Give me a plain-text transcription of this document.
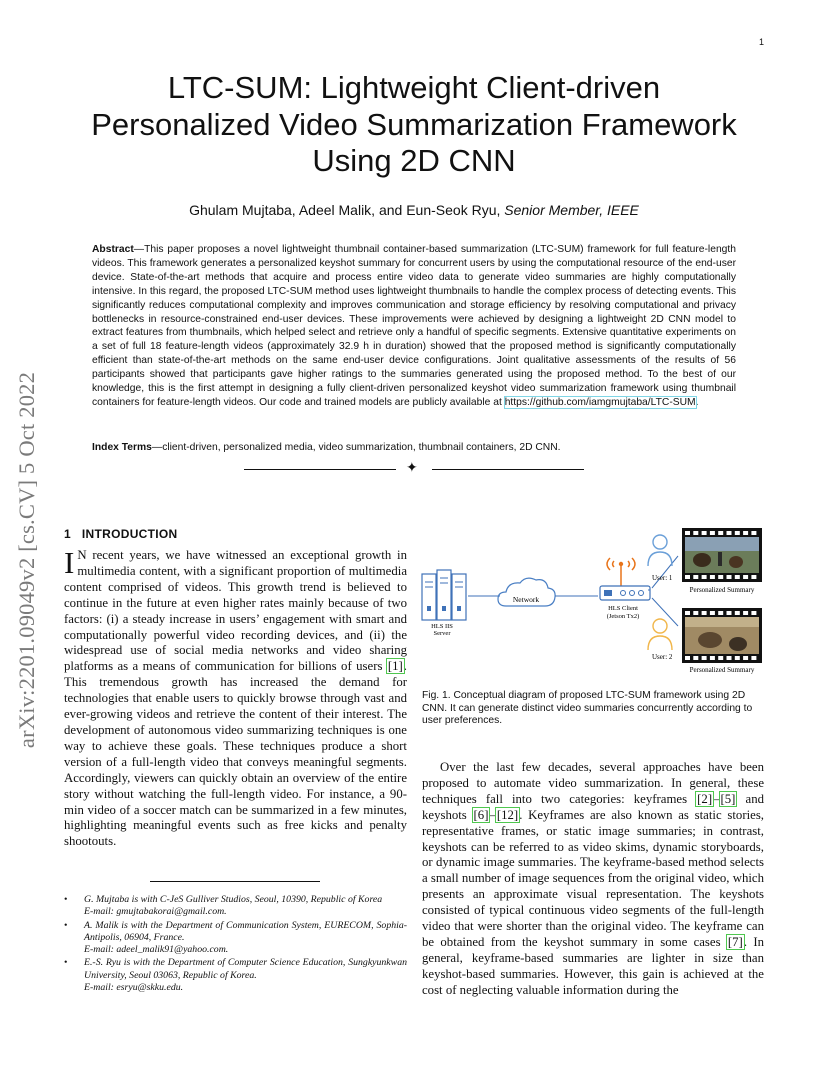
1
arXiv:2201.09049v2 [cs.CV] 5 Oct 2022
LTC-SUM: Lightweight Client-driven
Personalized Video Summarization Framework
Using 2D CNN
Ghulam Mujtaba, Adeel Malik, and Eun-Seok Ryu, Senior Member, IEEE
Abstract—This paper proposes a novel lightweight thumbnail container-based summarization (LTC-SUM) framework for full feature-length videos. This framework generates a personalized keyshot summary for concurrent users by using the computational resource of the end-user device. State-of-the-art methods that acquire and process entire video data to generate video summaries are highly computationally intensive. In this regard, the proposed LTC-SUM method uses lightweight thumbnails to handle the complex process of detecting events. This significantly reduces computational complexity and improves communication and storage efficiency by resolving computational and privacy bottlenecks in resource-constrained end-user devices. These improvements were achieved by designing a lightweight 2D CNN model to extract features from thumbnails, which helped select and retrieve only a handful of specific segments. Extensive quantitative experiments on a set of full 18 feature-length videos (approximately 32.9 h in duration) showed that the proposed method is significantly computationally efficient than state-of-the-art methods on the same end-user device configurations. Joint qualitative assessments of the results of 56 participants showed that participants gave higher ratings to the summaries generated using the proposed method. To the best of our knowledge, this is the first attempt in designing a fully client-driven personalized keyshot video summarization framework using thumbnail containers for feature-length videos. Our code and trained models are publicly available at https://github.com/iamgmujtaba/LTC-SUM.
Index Terms—client-driven, personalized media, video summarization, thumbnail containers, 2D CNN.
✦
1 INTRODUCTION
I N recent years, we have witnessed an exceptional growth in multimedia content, with a significant proportion of multimedia content comprised of videos. This growth trend is believed to continue in the future at even higher rates mainly because of two factors: (i) a steady increase in users’ engagement with smart and computationally powerful video recording devices, and (ii) the widespread use of social media networks and video sharing platforms as a means of communication for billions of users [1]. This tremendous growth has increased the demand for technologies that enable users to quickly browse through vast and ever-growing videos and retrieve the content of their interest. The development of autonomous video summarizing techniques is one way to achieve these goals. These techniques produce a short version of a full-length video that conveys meaningful segments. Accordingly, viewers can quickly obtain an overview of the entire story without watching the full-length video. For instance, a 90-min video of a soccer match can be summarized in a few minutes, highlighting meaningful events such as free kicks and penalty shootouts.
• G. Mujtaba is with C-JeS Gulliver Studios, Seoul, 10390, Republic of Korea
E-mail: gmujtabakorai@gmail.com.
• A. Malik is with the Department of Communication System, EURECOM, Sophia-Antipolis, 06904, France.
E-mail: adeel_malik91@yahoo.com.
• E.-S. Ryu is with the Department of Computer Science Education, Sungkyunkwan University, Seoul 03063, Republic of Korea.
E-mail: esryu@skku.edu.
HLS IIS
Server
Network
HLS Client
(Jetson Tx2)
User: 1
User: 2
Personalized Summary
Personalized Summary
Fig. 1. Conceptual diagram of proposed LTC-SUM framework using 2D CNN. It can generate distinct video summaries concurrently according to user preferences.
Over the last few decades, several approaches have been proposed to automate video summarization. In general, these techniques fall into two categories: keyframes [2]–[5] and keyshots [6]–[12]. Keyframes are also known as static stories, representative frames, or static image summaries; in contrast, keyshots can be referred to as video skims, dynamic storyboards, or dynamic image summaries. The keyframe-based method selects a small number of image sequences from the original video, which presents an approximate visual representation. The keyshots consisted of typical continuous video segments of the full-length video that were shorter than the original video. The keyframe can be obtained from the keyshot summary in some cases [7]. In general, keyframe-based summaries are lighter in size than keyshot-based summaries. However, this gain is achieved at the cost of neglecting valuable information during the
